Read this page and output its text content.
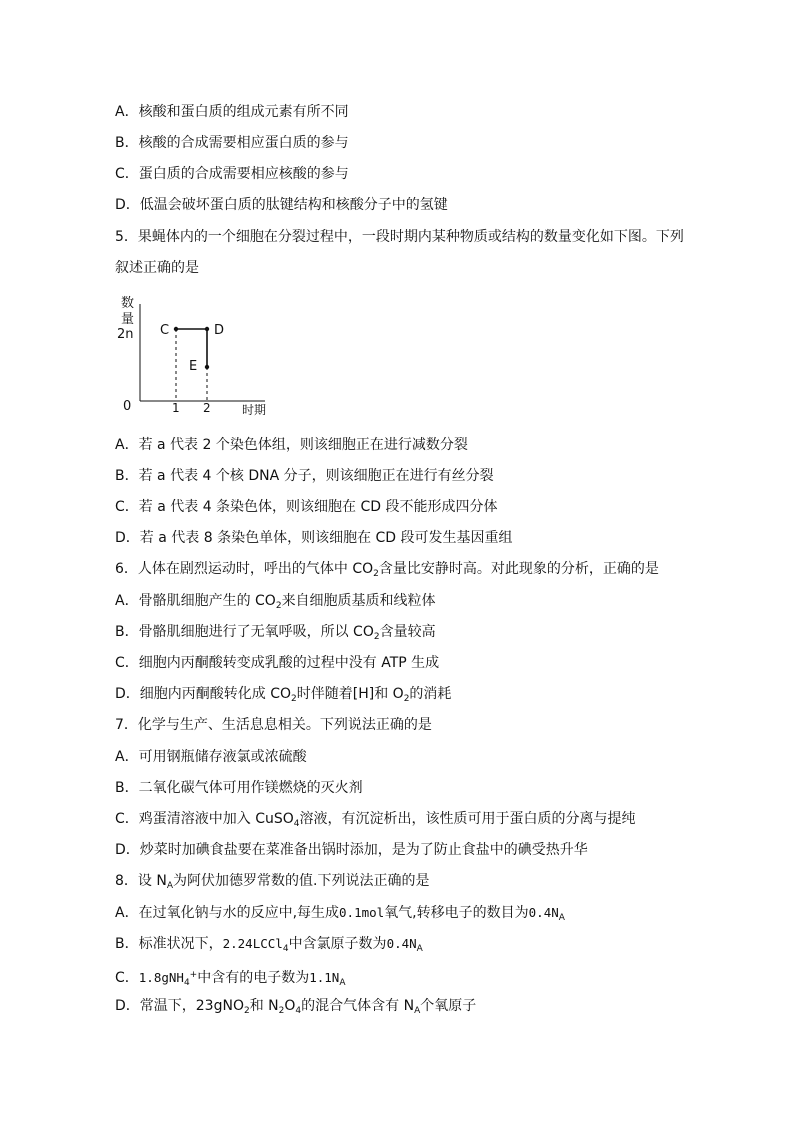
A．核酸和蛋白质的组成元素有所不同
B．核酸的合成需要相应蛋白质的参与
C．蛋白质的合成需要相应核酸的参与
D．低温会破坏蛋白质的肽键结构和核酸分子中的氢键
5．果蝇体内的一个细胞在分裂过程中，一段时期内某种物质或结构的数量变化如下图。下列
叙述正确的是
数
量
2n
0
C	D
E
1 2	时期
A．若 a 代表 2 个染色体组，则该细胞正在进行减数分裂
B．若 a 代表 4 个核 DNA 分子，则该细胞正在进行有丝分裂
C．若 a 代表 4 条染色体，则该细胞在 CD 段不能形成四分体
D．若 a 代表 8 条染色单体，则该细胞在 CD 段可发生基因重组
6．人体在剧烈运动时，呼出的气体中 $CO_2$含量比安静时高。对此现象的分析，正确的是
A．骨骼肌细胞产生的 $CO_2$来自细胞质基质和线粒体
B．骨骼肌细胞进行了无氧呼吸，所以 $CO_2$含量较高
C．细胞内丙酮酸转变成乳酸的过程中没有 ATP 生成
D．细胞内丙酮酸转化成 $CO_2$时伴随着[H]和 $O_2$的消耗
7．化学与生产、生活息息相关。下列说法正确的是
A．可用钢瓶储存液氯或浓硫酸
B．二氧化碳气体可用作镁燃烧的灭火剂
C．鸡蛋清溶液中加入 CuSO$_4$溶液，有沉淀析出，该性质可用于蛋白质的分离与提纯
D．炒菜时加碘食盐要在菜准备出锅时添加，是为了防止食盐中的碘受热升华
8．设 $N_A$为阿伏加德罗常数的值.下列说法正确的是
A．在过氧化钠与水的反应中,每生成0.1mol氧气,转移电子的数目为$0.4N_A$
B．标准状况下，2.24LCCl$_4$中含氯原子数为$0.4N_A$
C．1.8gNH$_4$+中含有的电子数为$1.1N_A$
D．常温下，23gNO$_2$和 $N_2O_4$的混合气体含有 $N_A$个氧原子
